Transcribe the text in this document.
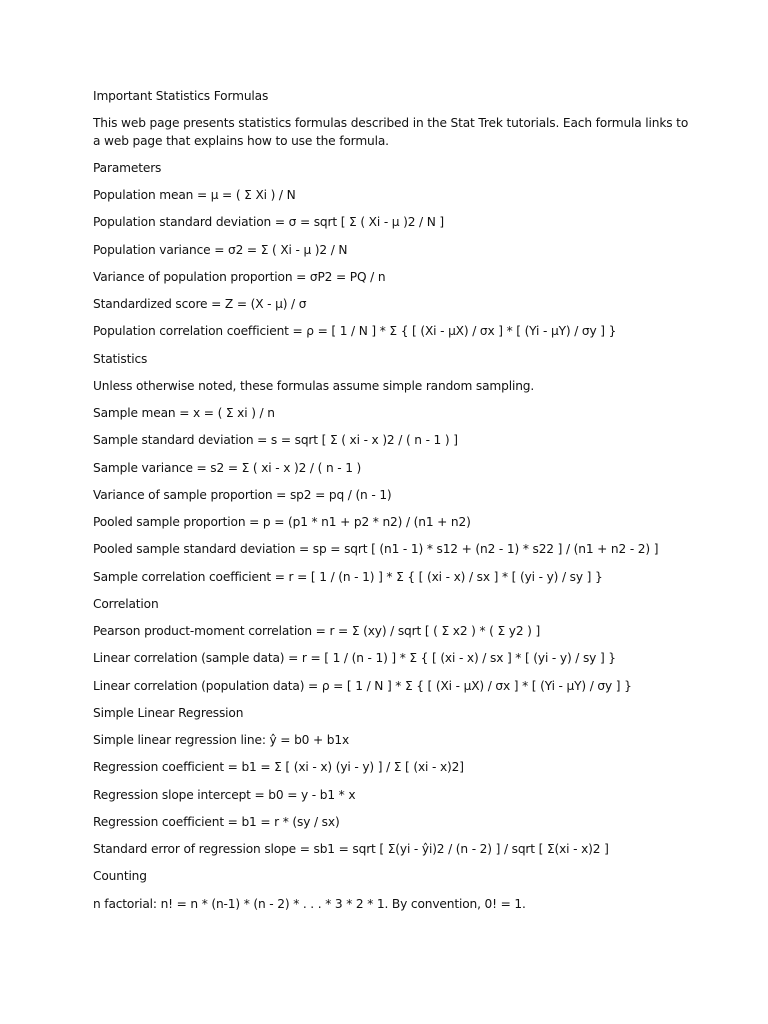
Important Statistics Formulas
This web page presents statistics formulas described in the Stat Trek tutorials. Each formula links to
a web page that explains how to use the formula.
Parameters
Population mean = μ = ( Σ Xi ) / N
Population standard deviation = σ = sqrt [ Σ ( Xi - μ )2 / N ]
Population variance = σ2 = Σ ( Xi - μ )2 / N
Variance of population proportion = σP2 = PQ / n
Standardized score = Z = (X - μ) / σ
Population correlation coefficient = ρ = [ 1 / N ] * Σ { [ (Xi - μX) / σx ] * [ (Yi - μY) / σy ] }
Statistics
Unless otherwise noted, these formulas assume simple random sampling.
Sample mean = x = ( Σ xi ) / n
Sample standard deviation = s = sqrt [ Σ ( xi - x )2 / ( n - 1 ) ]
Sample variance = s2 = Σ ( xi - x )2 / ( n - 1 )
Variance of sample proportion = sp2 = pq / (n - 1)
Pooled sample proportion = p = (p1 * n1 + p2 * n2) / (n1 + n2)
Pooled sample standard deviation = sp = sqrt [ (n1 - 1) * s12 + (n2 - 1) * s22 ] / (n1 + n2 - 2) ]
Sample correlation coefficient = r = [ 1 / (n - 1) ] * Σ { [ (xi - x) / sx ] * [ (yi - y) / sy ] }
Correlation
Pearson product-moment correlation = r = Σ (xy) / sqrt [ ( Σ x2 ) * ( Σ y2 ) ]
Linear correlation (sample data) = r = [ 1 / (n - 1) ] * Σ { [ (xi - x) / sx ] * [ (yi - y) / sy ] }
Linear correlation (population data) = ρ = [ 1 / N ] * Σ { [ (Xi - μX) / σx ] * [ (Yi - μY) / σy ] }
Simple Linear Regression
Simple linear regression line: ŷ = b0 + b1x
Regression coefficient = b1 = Σ [ (xi - x) (yi - y) ] / Σ [ (xi - x)2]
Regression slope intercept = b0 = y - b1 * x
Regression coefficient = b1 = r * (sy / sx)
Standard error of regression slope = sb1 = sqrt [ Σ(yi - ŷi)2 / (n - 2) ] / sqrt [ Σ(xi - x)2 ]
Counting
n factorial: n! = n * (n-1) * (n - 2) * . . . * 3 * 2 * 1. By convention, 0! = 1.
